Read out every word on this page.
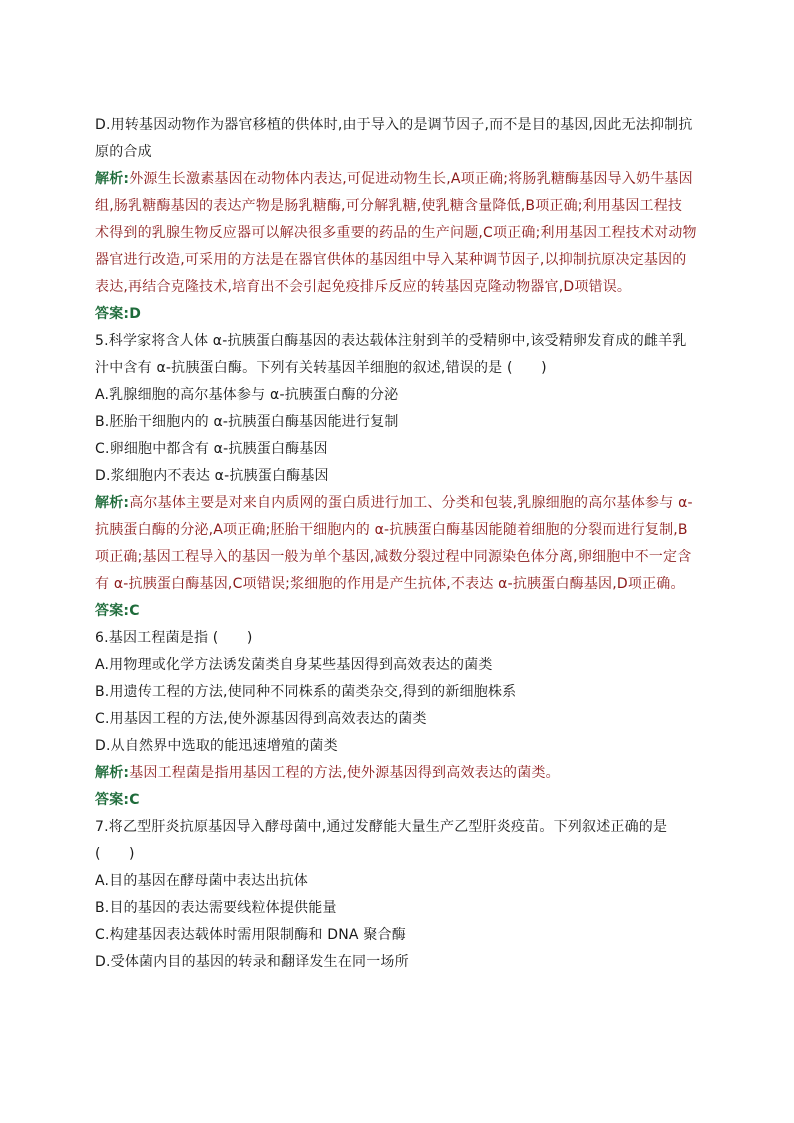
D.用转基因动物作为器官移植的供体时,由于导入的是调节因子,而不是目的基因,因此无法抑制抗
原的合成
解析:外源生长激素基因在动物体内表达,可促进动物生长,A项正确;将肠乳糖酶基因导入奶牛基因
组,肠乳糖酶基因的表达产物是肠乳糖酶,可分解乳糖,使乳糖含量降低,B项正确;利用基因工程技
术得到的乳腺生物反应器可以解决很多重要的药品的生产问题,C项正确;利用基因工程技术对动物
器官进行改造,可采用的方法是在器官供体的基因组中导入某种调节因子,以抑制抗原决定基因的
表达,再结合克隆技术,培育出不会引起免疫排斥反应的转基因克隆动物器官,D项错误。
答案:D
5.科学家将含人体 α-抗胰蛋白酶基因的表达载体注射到羊的受精卵中,该受精卵发育成的雌羊乳
汁中含有 α-抗胰蛋白酶。下列有关转基因羊细胞的叙述,错误的是 (　　)
A.乳腺细胞的高尔基体参与 α-抗胰蛋白酶的分泌
B.胚胎干细胞内的 α-抗胰蛋白酶基因能进行复制
C.卵细胞中都含有 α-抗胰蛋白酶基因
D.浆细胞内不表达 α-抗胰蛋白酶基因
解析:高尔基体主要是对来自内质网的蛋白质进行加工、分类和包装,乳腺细胞的高尔基体参与 α-
抗胰蛋白酶的分泌,A项正确;胚胎干细胞内的 α-抗胰蛋白酶基因能随着细胞的分裂而进行复制,B
项正确;基因工程导入的基因一般为单个基因,减数分裂过程中同源染色体分离,卵细胞中不一定含
有 α-抗胰蛋白酶基因,C项错误;浆细胞的作用是产生抗体,不表达 α-抗胰蛋白酶基因,D项正确。
答案:C
6.基因工程菌是指 (　　)
A.用物理或化学方法诱发菌类自身某些基因得到高效表达的菌类
B.用遗传工程的方法,使同种不同株系的菌类杂交,得到的新细胞株系
C.用基因工程的方法,使外源基因得到高效表达的菌类
D.从自然界中选取的能迅速增殖的菌类
解析:基因工程菌是指用基因工程的方法,使外源基因得到高效表达的菌类。
答案:C
7.将乙型肝炎抗原基因导入酵母菌中,通过发酵能大量生产乙型肝炎疫苗。下列叙述正确的是
(　　)
A.目的基因在酵母菌中表达出抗体
B.目的基因的表达需要线粒体提供能量
C.构建基因表达载体时需用限制酶和 DNA 聚合酶
D.受体菌内目的基因的转录和翻译发生在同一场所
